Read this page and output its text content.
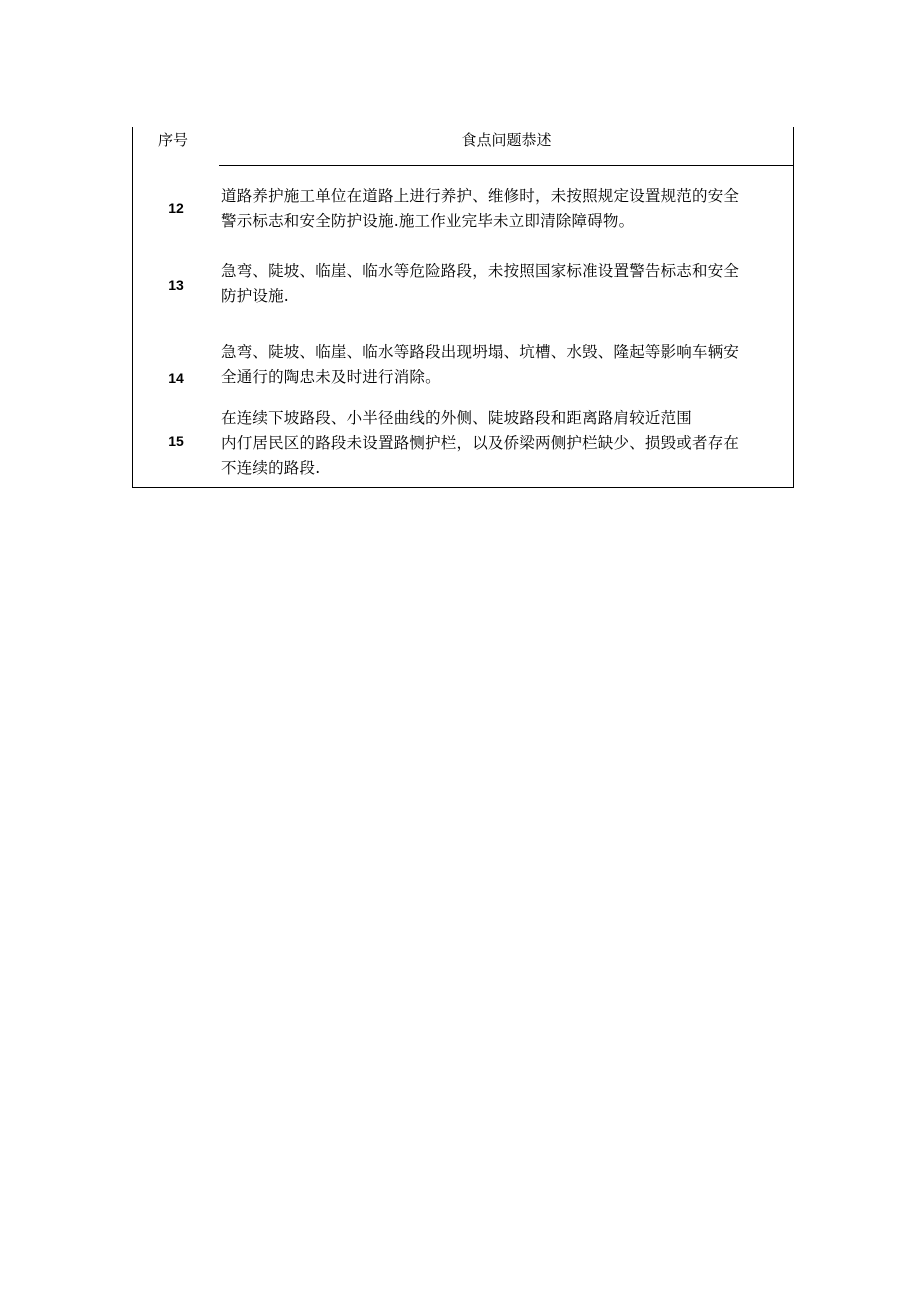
序号	食点问题恭述
12
道路养护施工单位在道路上进行养护、维修时，未按照规定设置规范的安全
警示标志和安全防护设施.施工作业完毕未立即清除障碍物。
13
急弯、陡坡、临崖、临水等危险路段，未按照国家标准设置警告标志和安全
防护设施.
14
急弯、陡坡、临崖、临水等路段出现坍塌、坑槽、水毁、隆起等影响车辆安
全通行的陶忠未及时进行消除。
15
在连续下坡路段、小半径曲线的外侧、陡坡路段和距离路肩较近范围
内仃居民区的路段未设置路恻护栏，以及侨梁两侧护栏缺少、损毁或者存在
不连续的路段.
